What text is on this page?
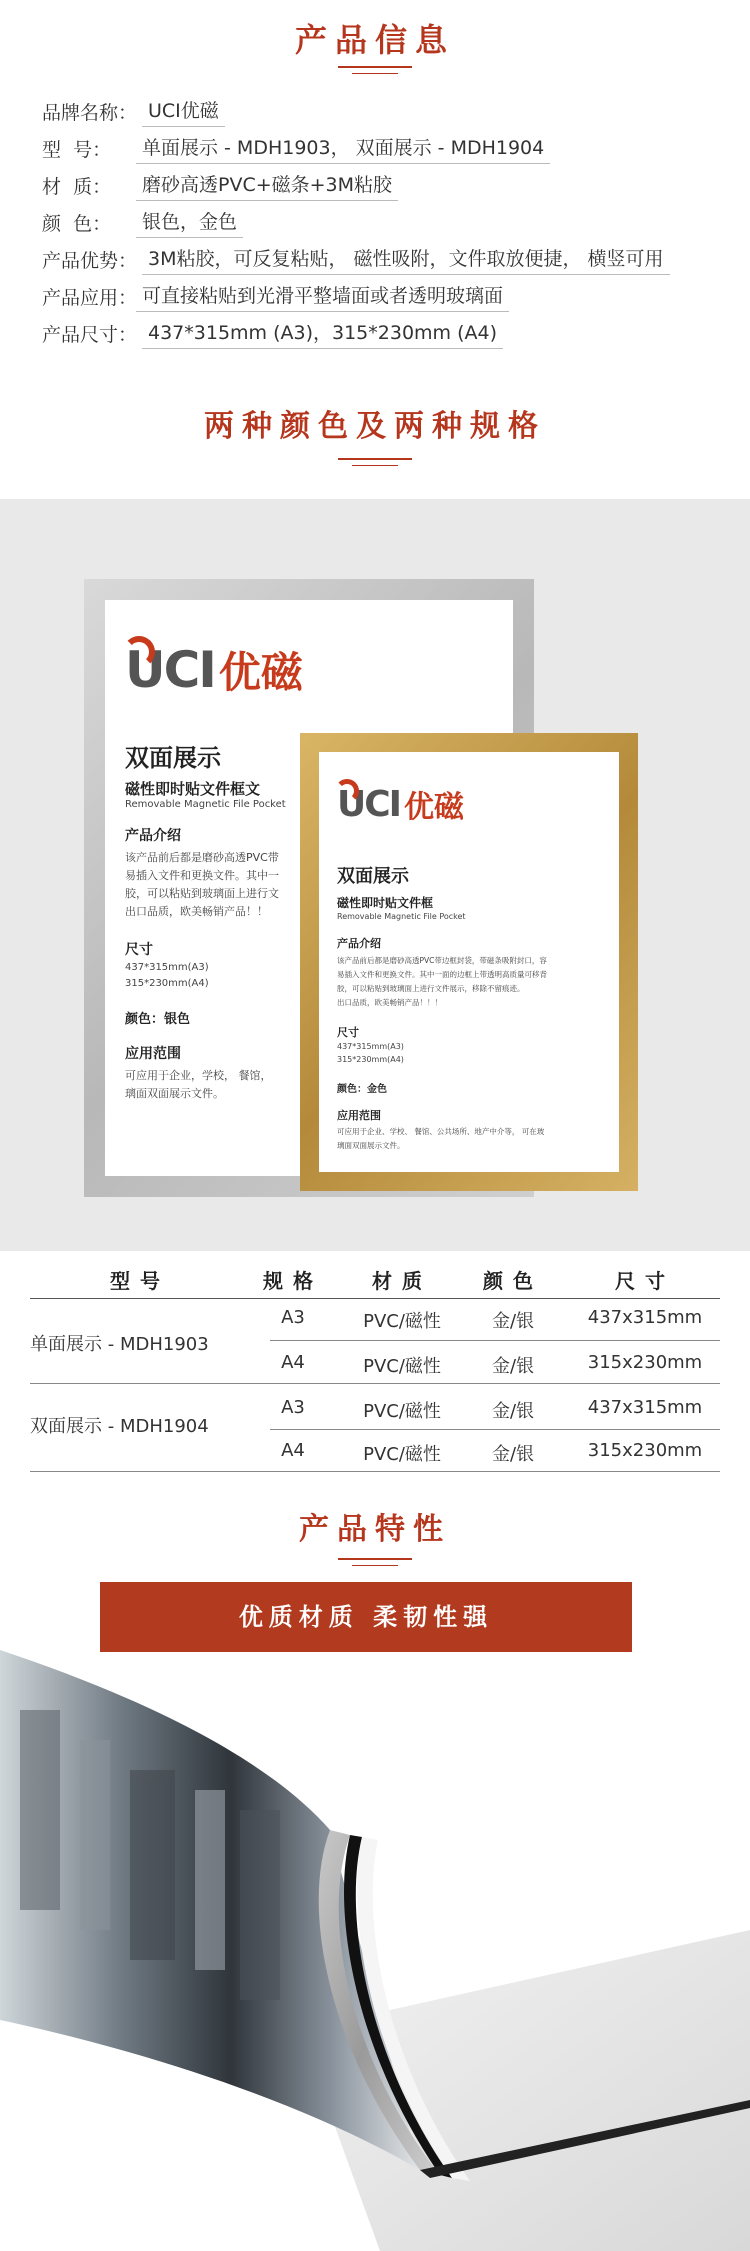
产品信息
品牌名称： UCI优磁
型  号：	单面展示 - MDH1903， 双面展示 - MDH1904
材  质：	磨砂高透PVC+磁条+3M粘胶
颜  色：	银色，金色
产品优势： 3M粘胶，可反复粘贴， 磁性吸附，文件取放便捷， 横竖可用
产品应用： 可直接粘贴到光滑平整墙面或者透明玻璃面
产品尺寸： 437*315mm (A3)，315*230mm (A4)
两种颜色及两种规格
UCI 优磁
双面展示
磁性即时贴文件框文
Removable Magnetic File Pocket
产品介绍
该产品前后都是磨砂高透PVC带
易插入文件和更换文件。其中一
胶，可以粘贴到玻璃面上进行文
出口品质，欧美畅销产品！！
尺寸
437*315mm(A3)
315*230mm(A4)
颜色：银色
应用范围
可应用于企业，学校， 餐馆，
璃面双面展示文件。
UCI 优磁
双面展示
磁性即时贴文件框
Removable Magnetic File Pocket
产品介绍
该产品前后都是磨砂高透PVC带边框封袋，带磁条吸附封口，容
易插入文件和更换文件。其中一面的边框上带透明高质量可移背
胶，可以粘贴到玻璃面上进行文件展示，移除不留痕迹。
出口品质，欧美畅销产品！！！
尺寸
437*315mm(A3)
315*230mm(A4)
颜色：金色
应用范围
可应用于企业、学校、 餐馆、公共场所、地产中介等， 可在玻
璃面双面展示文件。
型号	规格	材质	颜色	尺寸
单面展示 - MDH1903
A3	PVC/磁性	金/银	437x315mm
A4	PVC/磁性	金/银	315x230mm
双面展示 - MDH1904
A3	PVC/磁性	金/银	437x315mm
A4	PVC/磁性	金/银	315x230mm
产品特性
优质材质 柔韧性强
